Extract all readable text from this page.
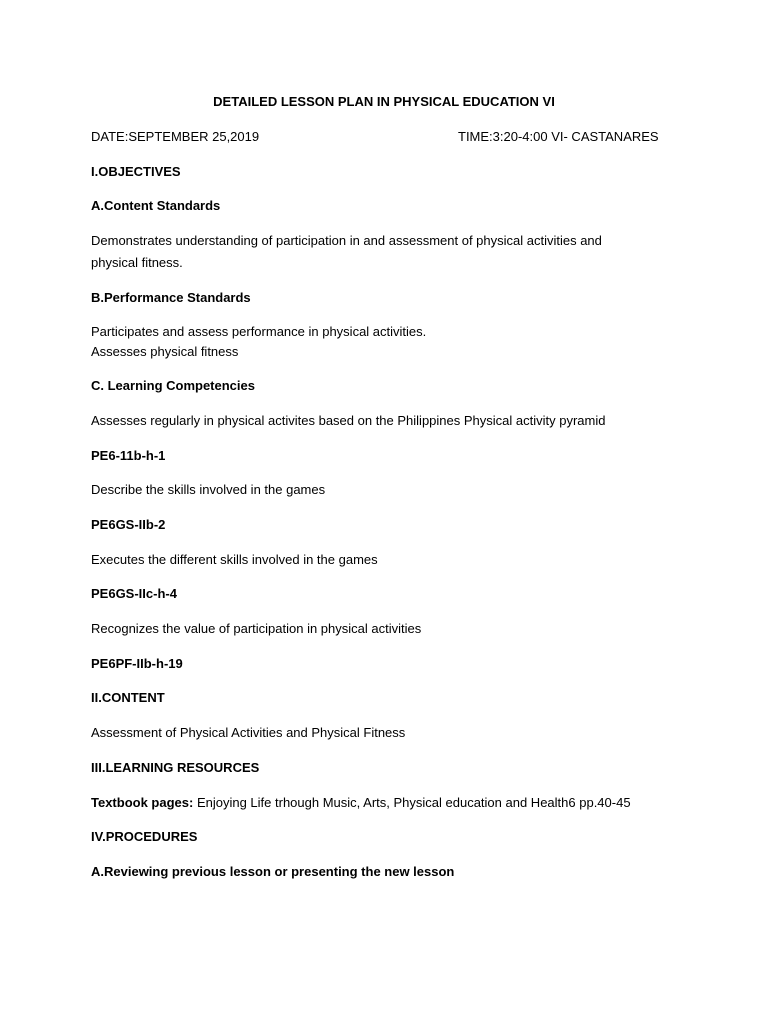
DETAILED LESSON PLAN IN PHYSICAL EDUCATION VI
DATE:SEPTEMBER 25,2019	TIME:3:20-4:00 VI- CASTANARES
I.OBJECTIVES
A.Content Standards
Demonstrates understanding of participation in and assessment of physical activities and
physical fitness.
B.Performance Standards
Participates and assess performance in physical activities.
Assesses physical fitness
C. Learning Competencies
Assesses regularly in physical activites based on the Philippines Physical activity pyramid
PE6-11b-h-1
Describe the skills involved in the games
PE6GS-IIb-2
Executes the different skills involved in the games
PE6GS-IIc-h-4
Recognizes the value of participation in physical activities
PE6PF-IIb-h-19
II.CONTENT
Assessment of Physical Activities and Physical Fitness
III.LEARNING RESOURCES
Textbook pages: Enjoying Life trhough Music, Arts, Physical education and Health6 pp.40-45
IV.PROCEDURES
A.Reviewing previous lesson or presenting the new lesson
